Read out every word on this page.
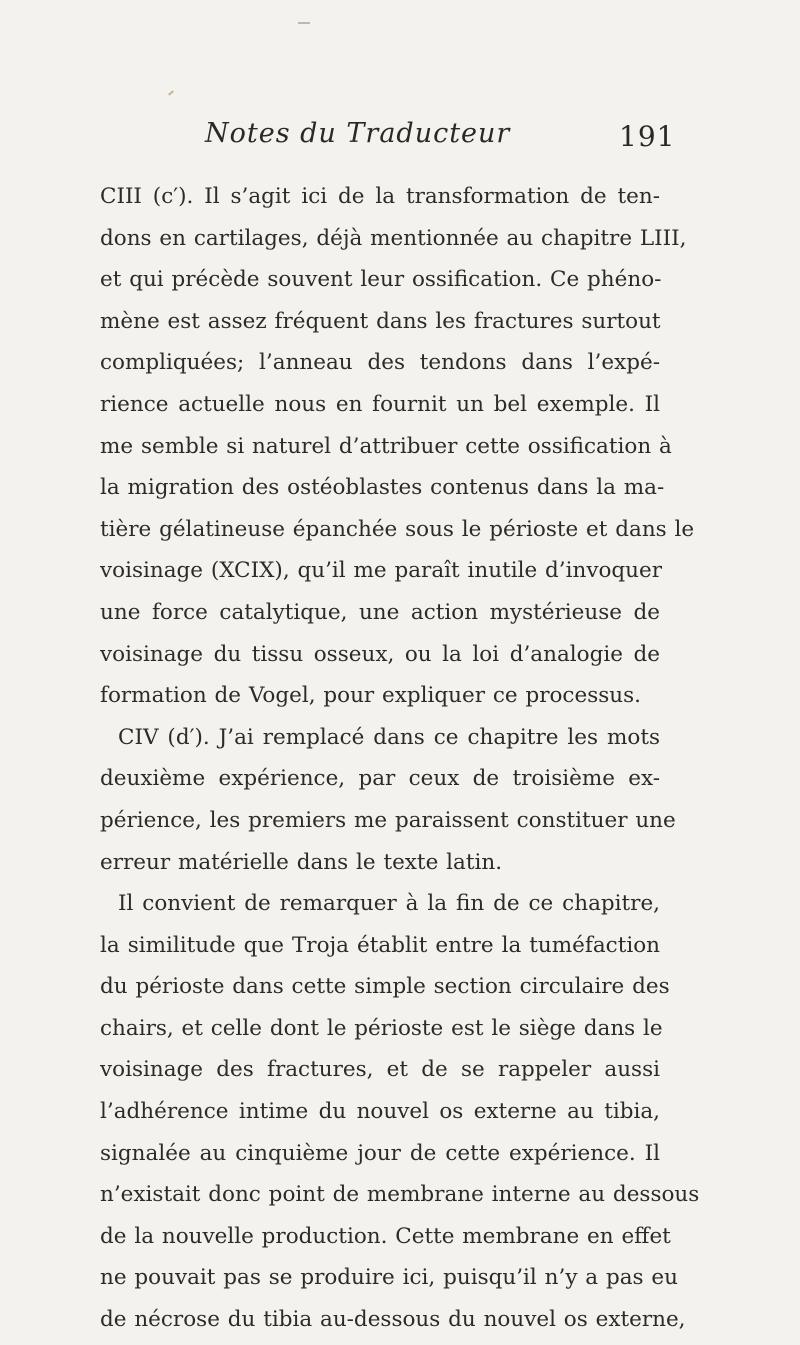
Notes du Traducteur	191
CIII (c′). Il s’agit ici de la transformation de ten-
dons en cartilages, déjà mentionnée au chapitre LIII,
et qui précède souvent leur ossification. Ce phéno-
mène est assez fréquent dans les fractures surtout
compliquées; l’anneau des tendons dans l’expé-
rience actuelle nous en fournit un bel exemple. Il
me semble si naturel d’attribuer cette ossification à
la migration des ostéoblastes contenus dans la ma-
tière gélatineuse épanchée sous le périoste et dans le
voisinage (XCIX), qu’il me paraît inutile d’invoquer
une force catalytique, une action mystérieuse de
voisinage du tissu osseux, ou la loi d’analogie de
formation de Vogel, pour expliquer ce processus.
CIV (d′). J’ai remplacé dans ce chapitre les mots
deuxième expérience, par ceux de troisième ex-
périence, les premiers me paraissent constituer une
erreur matérielle dans le texte latin.
Il convient de remarquer à la fin de ce chapitre,
la similitude que Troja établit entre la tuméfaction
du périoste dans cette simple section circulaire des
chairs, et celle dont le périoste est le siège dans le
voisinage des fractures, et de se rappeler aussi
l’adhérence intime du nouvel os externe au tibia,
signalée au cinquième jour de cette expérience. Il
n’existait donc point de membrane interne au dessous
de la nouvelle production. Cette membrane en effet
ne pouvait pas se produire ici, puisqu’il n’y a pas eu
de nécrose du tibia au-dessous du nouvel os externe,
